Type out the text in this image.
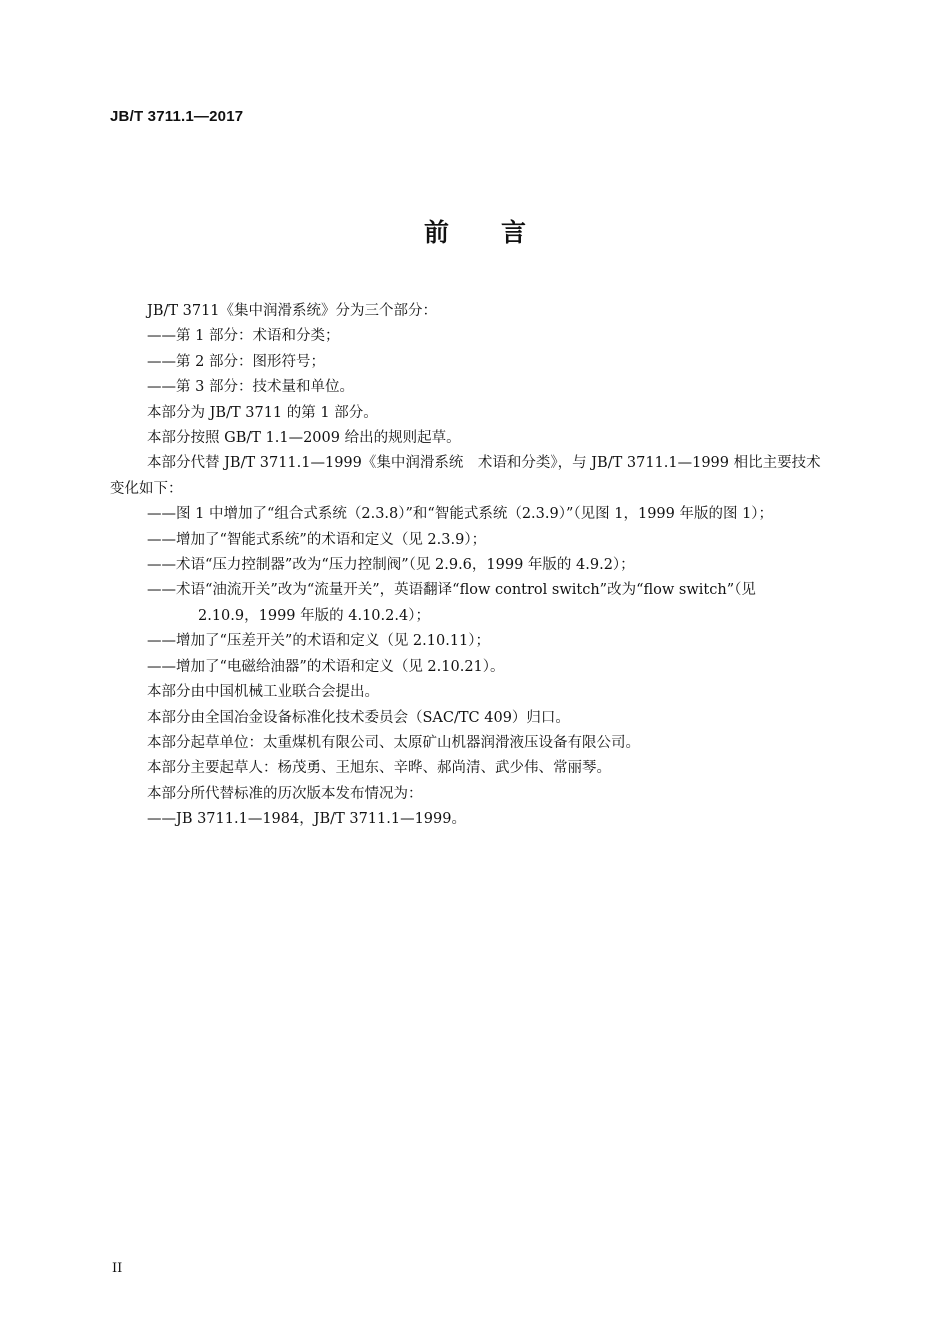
JB/T 3711.1—2017
前 言

JB/T 3711《集中润滑系统》分为三个部分：

——第 1 部分：术语和分类；

——第 2 部分：图形符号；

——第 3 部分：技术量和单位。

本部分为 JB/T 3711 的第 1 部分。

本部分按照 GB/T 1.1—2009 给出的规则起草。

本部分代替 JB/T 3711.1—1999《集中润滑系统　术语和分类》，与 JB/T 3711.1—1999 相比主要技术

变化如下：

——图 1 中增加了“组合式系统（2.3.8）”和“智能式系统（2.3.9）”（见图 1，1999 年版的图 1）；

——增加了“智能式系统”的术语和定义（见 2.3.9）；

——术语“压力控制器”改为“压力控制阀”（见 2.9.6，1999 年版的 4.9.2）；

——术语“油流开关”改为“流量开关”，英语翻译“flow control switch”改为“flow switch”（见

2.10.9，1999 年版的 4.10.2.4）；

——增加了“压差开关”的术语和定义（见 2.10.11）；

——增加了“电磁给油器”的术语和定义（见 2.10.21）。

本部分由中国机械工业联合会提出。

本部分由全国冶金设备标准化技术委员会（SAC/TC 409）归口。

本部分起草单位：太重煤机有限公司、太原矿山机器润滑液压设备有限公司。

本部分主要起草人：杨茂勇、王旭东、辛晔、郝尚清、武少伟、常丽琴。

本部分所代替标准的历次版本发布情况为：

——JB 3711.1—1984，JB/T 3711.1—1999。

II
